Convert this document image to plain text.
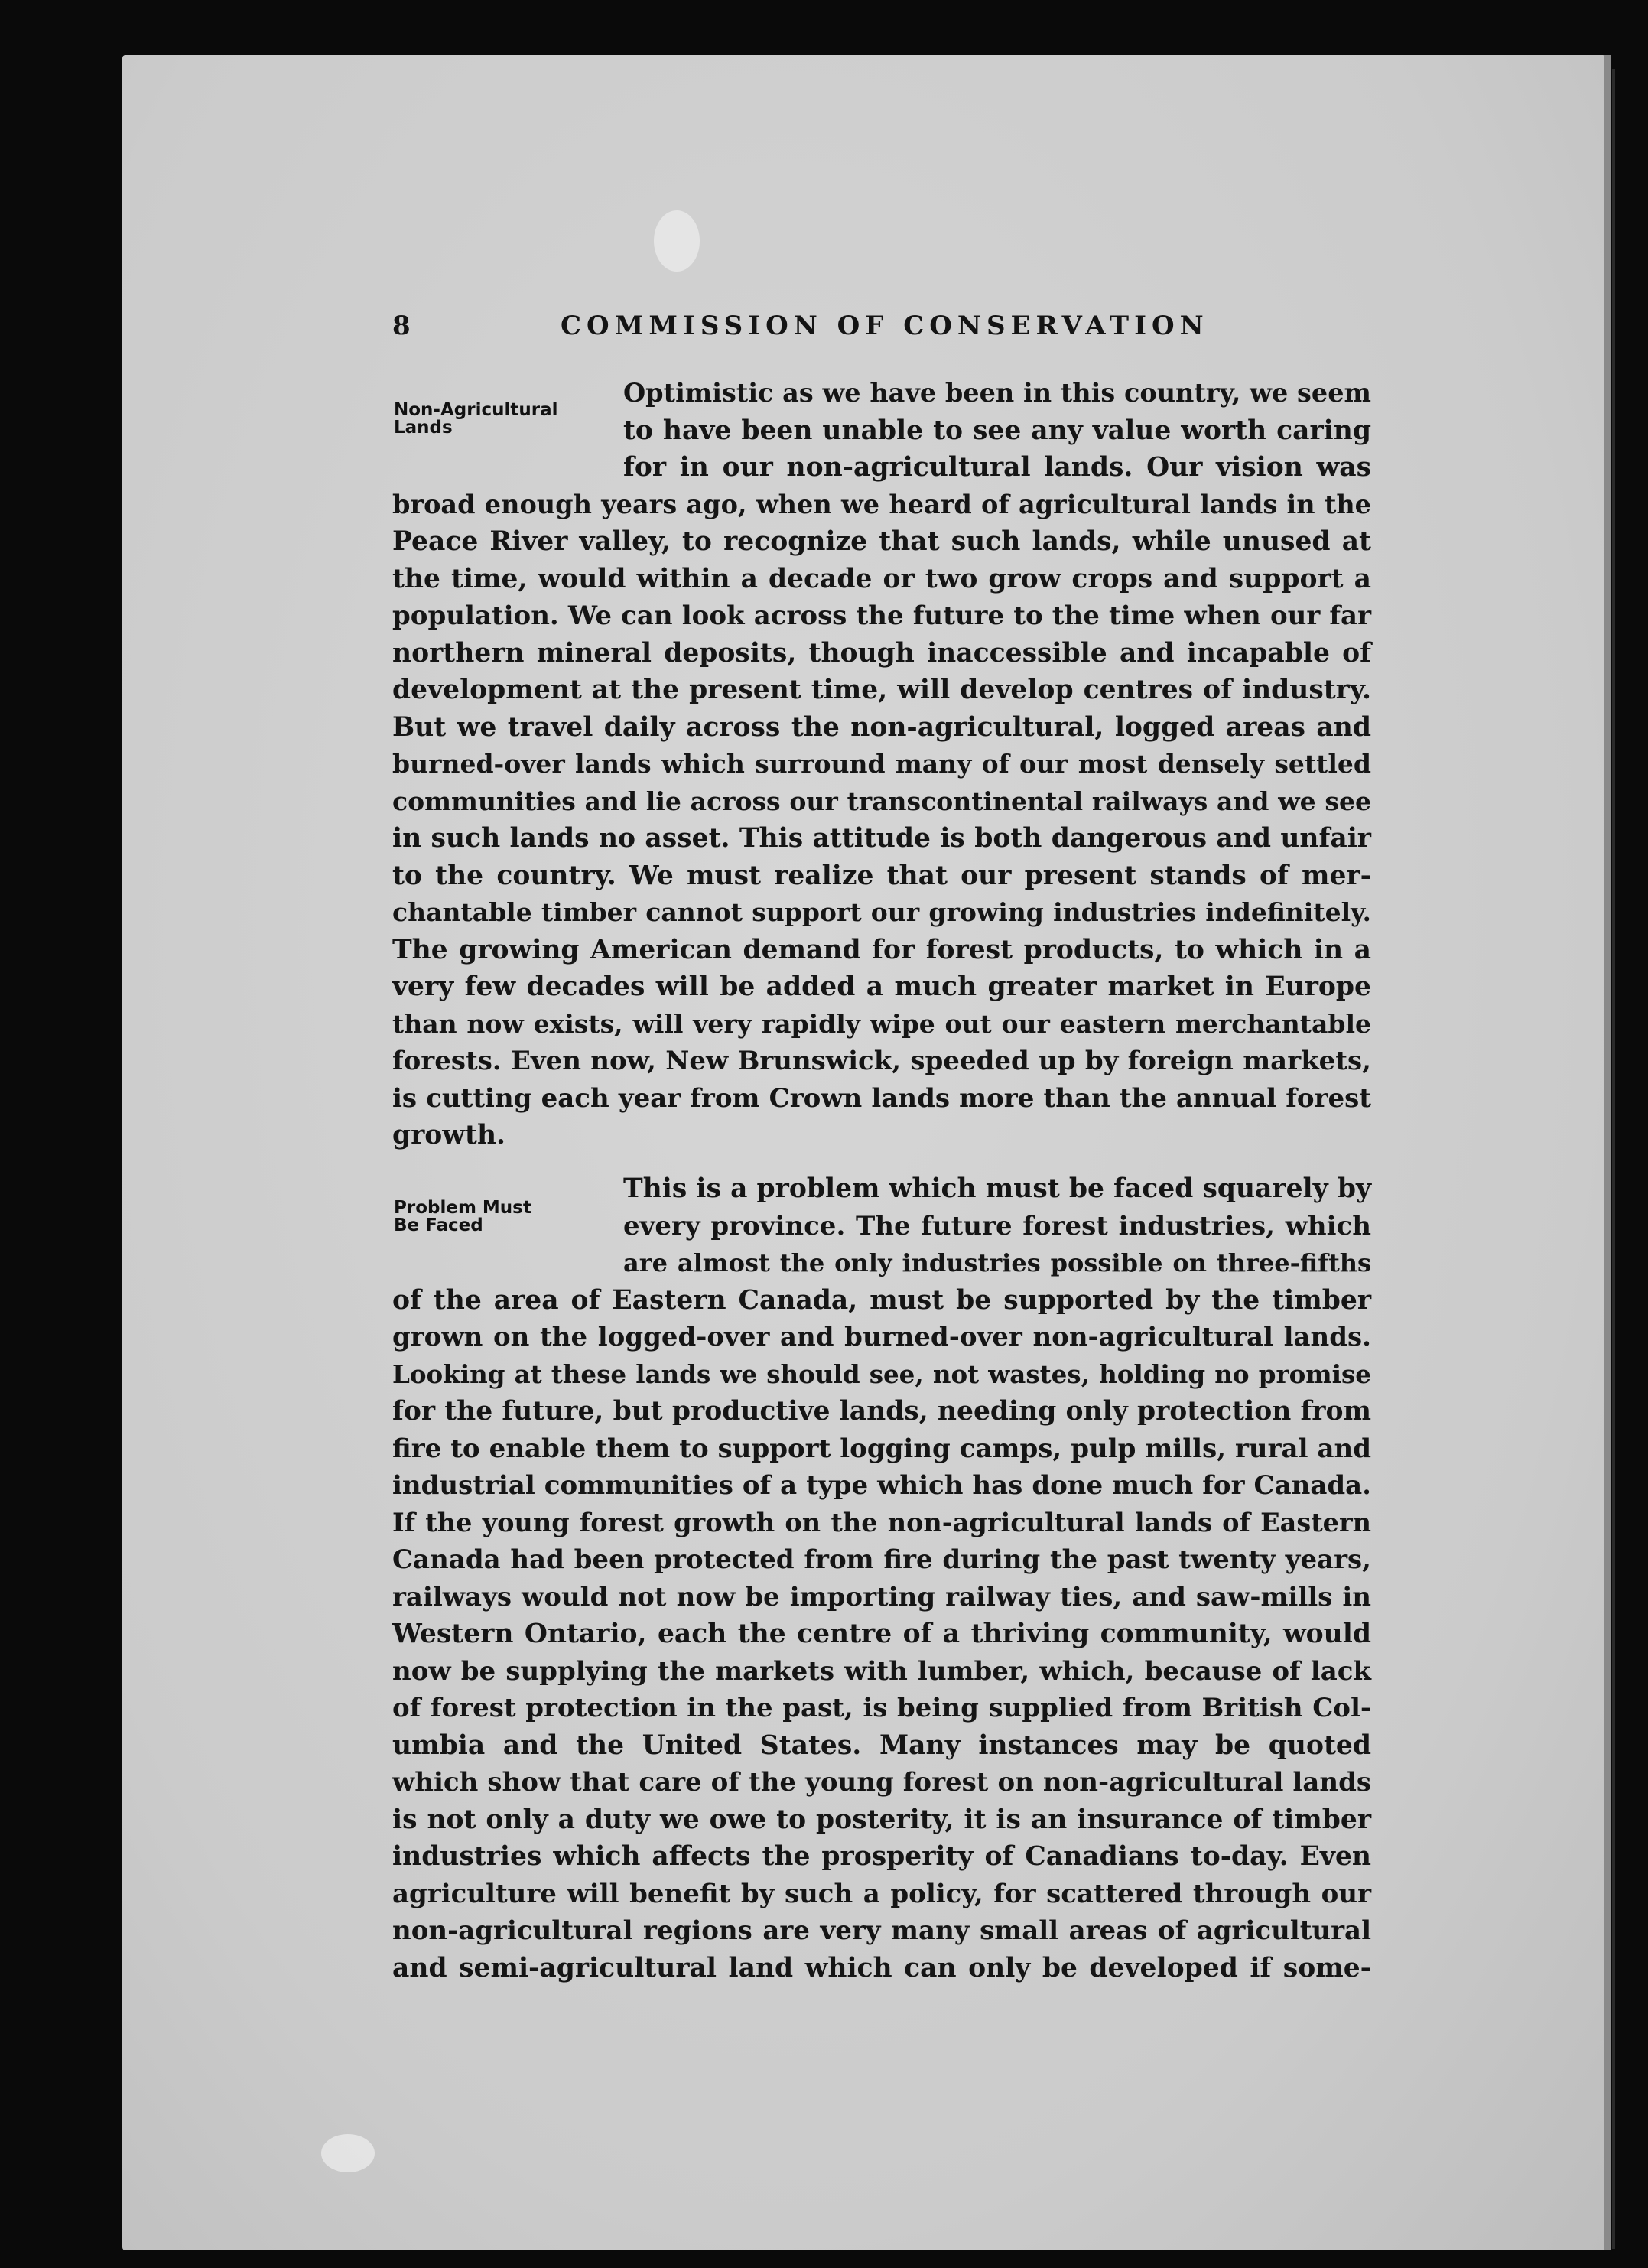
8	COMMISSION OF CONSERVATION
Non-Agricultural
Lands
Problem Must
Be Faced
Optimistic as we have been in this country, we seem
to have been unable to see any value worth caring
for in our non-agricultural lands. Our vision was
broad enough years ago, when we heard of agricultural lands in the
Peace River valley, to recognize that such lands, while unused at
the time, would within a decade or two grow crops and support a
population. We can look across the future to the time when our far
northern mineral deposits, though inaccessible and incapable of
development at the present time, will develop centres of industry.
But we travel daily across the non-agricultural, logged areas and
burned-over lands which surround many of our most densely settled
communities and lie across our transcontinental railways and we see
in such lands no asset. This attitude is both dangerous and unfair
to the country. We must realize that our present stands of mer-
chantable timber cannot support our growing industries indefinitely.
The growing American demand for forest products, to which in a
very few decades will be added a much greater market in Europe
than now exists, will very rapidly wipe out our eastern merchantable
forests. Even now, New Brunswick, speeded up by foreign markets,
is cutting each year from Crown lands more than the annual forest
growth.
This is a problem which must be faced squarely by
every province. The future forest industries, which
are almost the only industries possible on three-fifths
of the area of Eastern Canada, must be supported by the timber
grown on the logged-over and burned-over non-agricultural lands.
Looking at these lands we should see, not wastes, holding no promise
for the future, but productive lands, needing only protection from
fire to enable them to support logging camps, pulp mills, rural and
industrial communities of a type which has done much for Canada.
If the young forest growth on the non-agricultural lands of Eastern
Canada had been protected from fire during the past twenty years,
railways would not now be importing railway ties, and saw-mills in
Western Ontario, each the centre of a thriving community, would
now be supplying the markets with lumber, which, because of lack
of forest protection in the past, is being supplied from British Col-
umbia and the United States. Many instances may be quoted
which show that care of the young forest on non-agricultural lands
is not only a duty we owe to posterity, it is an insurance of timber
industries which affects the prosperity of Canadians to-day. Even
agriculture will benefit by such a policy, for scattered through our
non-agricultural regions are very many small areas of agricultural
and semi-agricultural land which can only be developed if some-
